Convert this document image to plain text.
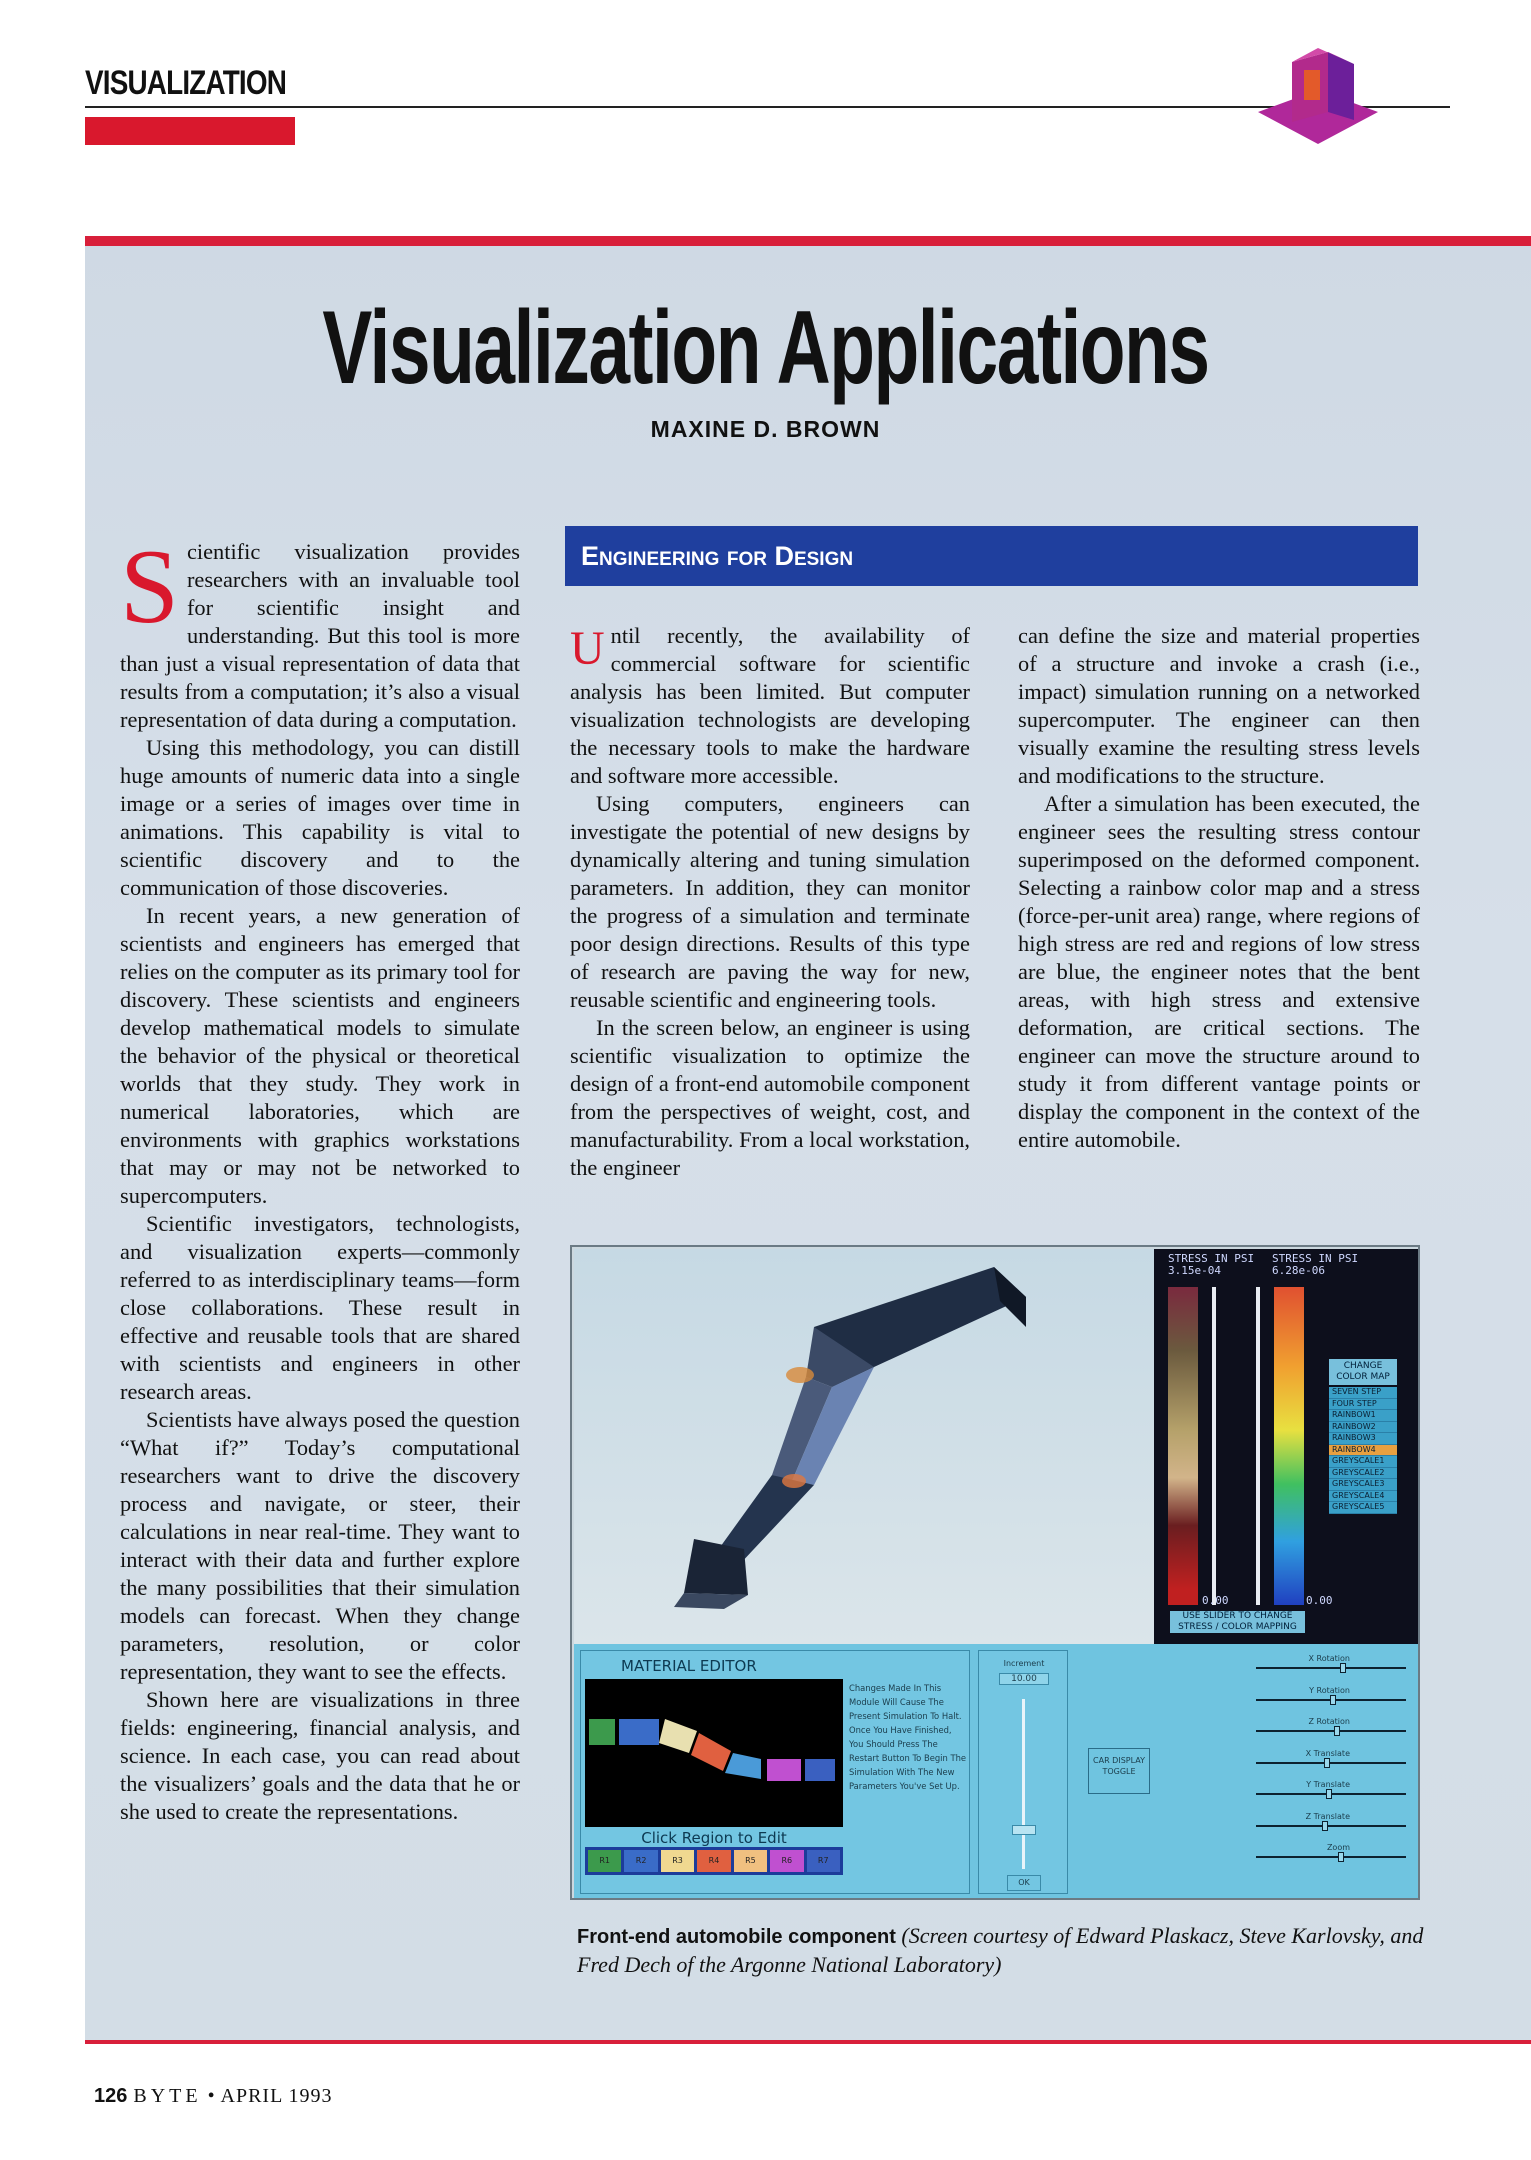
VISUALIZATION
Visualization Applications
MAXINE D. BROWN

Scientific visualization provides researchers with an invaluable tool for scientific insight and understanding. But this tool is more than just a visual representation of data that results from a computation; it’s also a visual representation of data during a computation.

Using this methodology, you can distill huge amounts of numeric data into a single image or a series of images over time in animations. This capability is vital to scientific discovery and to the communication of those discoveries.

In recent years, a new generation of scientists and engineers has emerged that relies on the computer as its primary tool for discovery. These scientists and engineers develop mathematical models to simulate the behavior of the physical or theoretical worlds that they study. They work in numerical laboratories, which are environments with graphics workstations that may or may not be networked to supercomputers.

Scientific investigators, technologists, and visualization experts—commonly referred to as interdisciplinary teams—form close collaborations. These result in effective and reusable tools that are shared with scientists and engineers in other research areas.

Scientists have always posed the question “What if?” Today’s computational researchers want to drive the discovery process and navigate, or steer, their calculations in near real-time. They want to interact with their data and further explore the many possibilities that their simulation models can forecast. When they change parameters, resolution, or color representation, they want to see the effects.

Shown here are visualizations in three fields: engineering, financial analysis, and science. In each case, you can read about the visualizers’ goals and the data that he or she used to create the representations.

Engineering for Design

Until recently, the availability of commercial software for scientific analysis has been limited. But computer visualization technologists are developing the necessary tools to make the hardware and software more accessible.

Using computers, engineers can investigate the potential of new designs by dynamically altering and tuning simulation parameters. In addition, they can monitor the progress of a simulation and terminate poor design directions. Results of this type of research are paving the way for new, reusable scientific and engineering tools.

In the screen below, an engineer is using scientific visualization to optimize the design of a front-end automobile component from the perspectives of weight, cost, and manufacturability. From a local workstation, the engineer

can define the size and material properties of a structure and invoke a crash (i.e., impact) simulation running on a networked supercomputer. The engineer can then visually examine the resulting stress levels and modifications to the structure.

After a simulation has been executed, the engineer sees the resulting stress contour superimposed on the deformed component. Selecting a rainbow color map and a stress (force-per-unit area) range, where regions of high stress are red and regions of low stress are blue, the engineer notes that the bent areas, with high stress and extensive deformation, are critical sections. The engineer can move the structure around to study it from different vantage points or display the component in the context of the entire automobile.

STRESS IN PSI
3.15e-04
STRESS IN PSI
6.28e-06
0.00	0.00
CHANGE COLOR MAP
SEVEN STEP
FOUR STEP
RAINBOW1
RAINBOW2
RAINBOW3
RAINBOW4
GREYSCALE1
GREYSCALE2
GREYSCALE3
GREYSCALE4
GREYSCALE5
USE SLIDER TO CHANGE STRESS / COLOR MAPPING
MATERIAL EDITOR
Click Region to Edit
R1	R2	R3	R4	R5	R6	R7
Changes Made In This Module Will Cause The Present Simulation To Halt. Once You Have Finished, You Should Press The Restart Button To Begin The Simulation With The New Parameters You've Set Up.
Increment
10.00
OK
CAR DISPLAY TOGGLE
X Rotation
Y Rotation
Z Rotation
X Translate
Y Translate
Z Translate
Zoom
Front-end automobile component (Screen courtesy of Edward Plaskacz, Steve Karlovsky, and Fred Dech of the Argonne National Laboratory)
126 BYTE • APRIL 1993
